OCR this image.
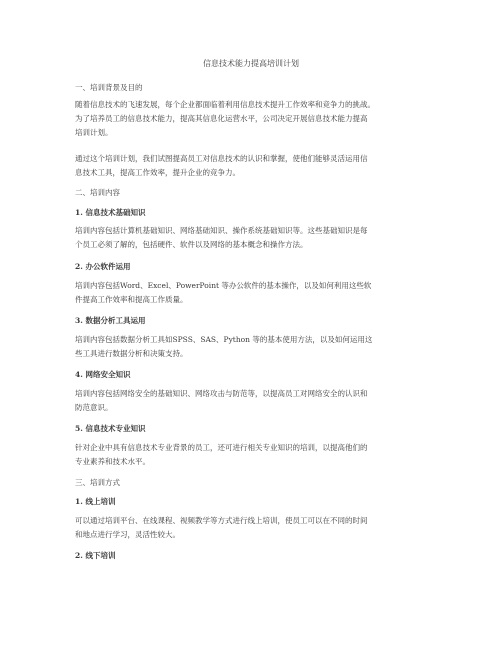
信息技术能力提高培训计划
一、培训背景及目的
随着信息技术的飞速发展，每个企业都面临着利用信息技术提升工作效率和竞争力的挑战。
为了培养员工的信息技术能力，提高其信息化运营水平，公司决定开展信息技术能力提高
培训计划。
通过这个培训计划，我们试图提高员工对信息技术的认识和掌握，使他们能够灵活运用信
息技术工具，提高工作效率，提升企业的竞争力。
二、培训内容
1. 信息技术基础知识
培训内容包括计算机基础知识、网络基础知识、操作系统基础知识等。这些基础知识是每
个员工必须了解的，包括硬件、软件以及网络的基本概念和操作方法。
2. 办公软件运用
培训内容包括Word、Excel、PowerPoint 等办公软件的基本操作，以及如何利用这些软
件提高工作效率和提高工作质量。
3. 数据分析工具运用
培训内容包括数据分析工具如SPSS、SAS、Python 等的基本使用方法，以及如何运用这
些工具进行数据分析和决策支持。
4. 网络安全知识
培训内容包括网络安全的基础知识、网络攻击与防范等，以提高员工对网络安全的认识和
防范意识。
5. 信息技术专业知识
针对企业中具有信息技术专业背景的员工，还可进行相关专业知识的培训，以提高他们的
专业素养和技术水平。
三、培训方式
1. 线上培训
可以通过培训平台、在线课程、视频教学等方式进行线上培训，使员工可以在不同的时间
和地点进行学习，灵活性较大。
2. 线下培训
